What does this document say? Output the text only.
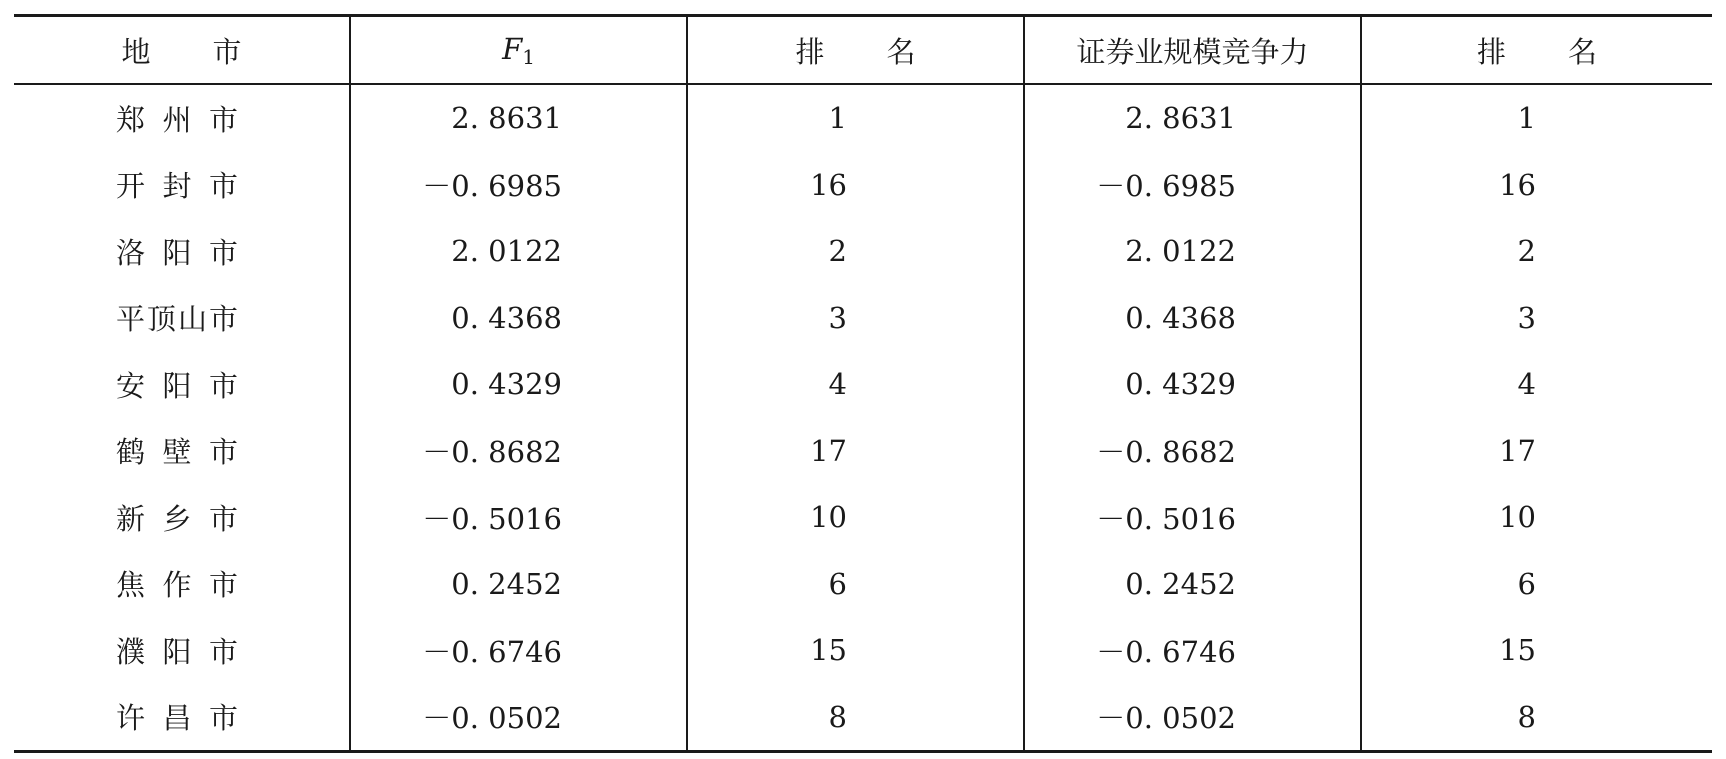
地 市	$F_1$	排 名	证券业规模竞争力	排 名

郑州市	2. 8631	1	2. 8631	1

开封市	－0. 6985	16	－0. 6985	16

洛阳市	2. 0122	2	2. 0122	2

平顶山市	0. 4368	3	0. 4368	3

安阳市	0. 4329	4	0. 4329	4

鹤壁市	－0. 8682	17	－0. 8682	17

新乡市	－0. 5016	10	－0. 5016	10

焦作市	0. 2452	6	0. 2452	6

濮阳市	－0. 6746	15	－0. 6746	15

许昌市	－0. 0502	8	－0. 0502	8
